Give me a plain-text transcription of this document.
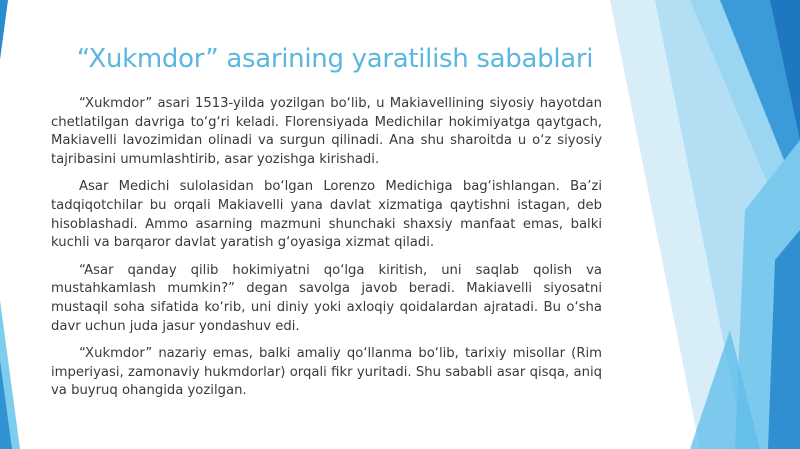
“Xukmdor” asarining yaratilish sabablari

“Xukmdor” asari 1513-yilda yozilgan bo‘lib, u Makiavellining siyosiy hayotdan chetlatilgan davriga to‘g‘ri keladi. Florensiyada Medichilar hokimiyatga qaytgach, Makiavelli lavozimidan olinadi va surgun qilinadi. Ana shu sharoitda u o‘z siyosiy tajribasini umumlashtirib, asar yozishga kirishadi.

Asar Medichi sulolasidan bo‘lgan Lorenzo Medichiga bag‘ishlangan. Ba’zi tadqiqotchilar bu orqali Makiavelli yana davlat xizmatiga qaytishni istagan, deb hisoblashadi. Ammo asarning mazmuni shunchaki shaxsiy manfaat emas, balki kuchli va barqaror davlat yaratish g‘oyasiga xizmat qiladi.

“Asar qanday qilib hokimiyatni qo‘lga kiritish, uni saqlab qolish va mustahkamlash mumkin?” degan savolga javob beradi. Makiavelli siyosatni mustaqil soha sifatida ko‘rib, uni diniy yoki axloqiy qoidalardan ajratadi. Bu o‘sha davr uchun juda jasur yondashuv edi.

“Xukmdor” nazariy emas, balki amaliy qo‘llanma bo‘lib, tarixiy misollar (Rim imperiyasi, zamonaviy hukmdorlar) orqali fikr yuritadi. Shu sababli asar qisqa, aniq va buyruq ohangida yozilgan.
